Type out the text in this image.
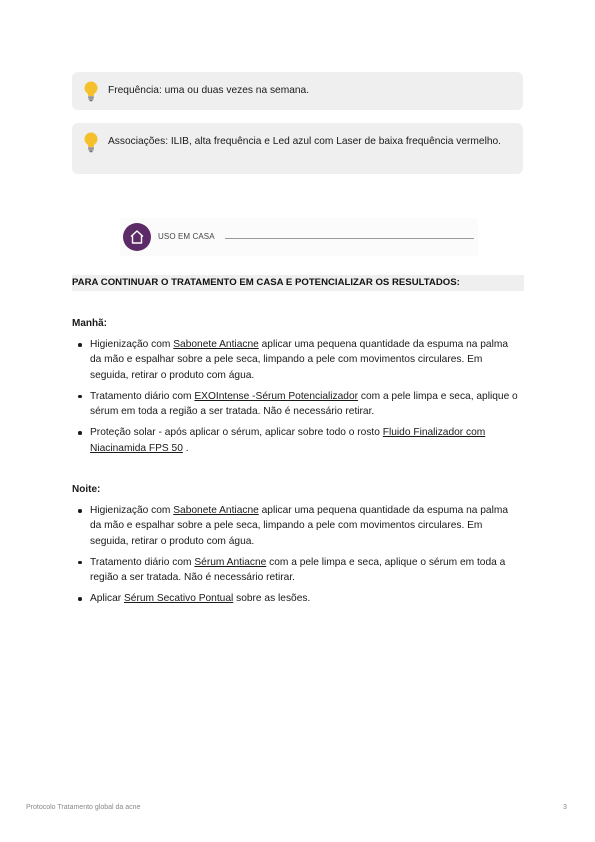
Frequência: uma ou duas vezes na semana.
Associações: ILIB, alta frequência e Led azul com Laser de baixa frequência vermelho.
USO EM CASA
PARA CONTINUAR O TRATAMENTO EM CASA E POTENCIALIZAR OS RESULTADOS:
Manhã:
Higienização com Sabonete Antiacne aplicar uma pequena quantidade da espuma na palma da mão e espalhar sobre a pele seca, limpando a pele com movimentos circulares. Em seguida, retirar o produto com água.
Tratamento diário com EXOIntense -Sérum Potencializador com a pele limpa e seca, aplique o sérum em toda a região a ser tratada. Não é necessário retirar.
Proteção solar - após aplicar o sérum, aplicar sobre todo o rosto Fluido Finalizador com Niacinamida FPS 50 .
Noite:
Higienização com Sabonete Antiacne aplicar uma pequena quantidade da espuma na palma da mão e espalhar sobre a pele seca, limpando a pele com movimentos circulares. Em seguida, retirar o produto com água.
Tratamento diário com Sérum Antiacne com a pele limpa e seca, aplique o sérum em toda a região a ser tratada. Não é necessário retirar.
Aplicar Sérum Secativo Pontual sobre as lesões.
Protocolo Tratamento global da acne	3
